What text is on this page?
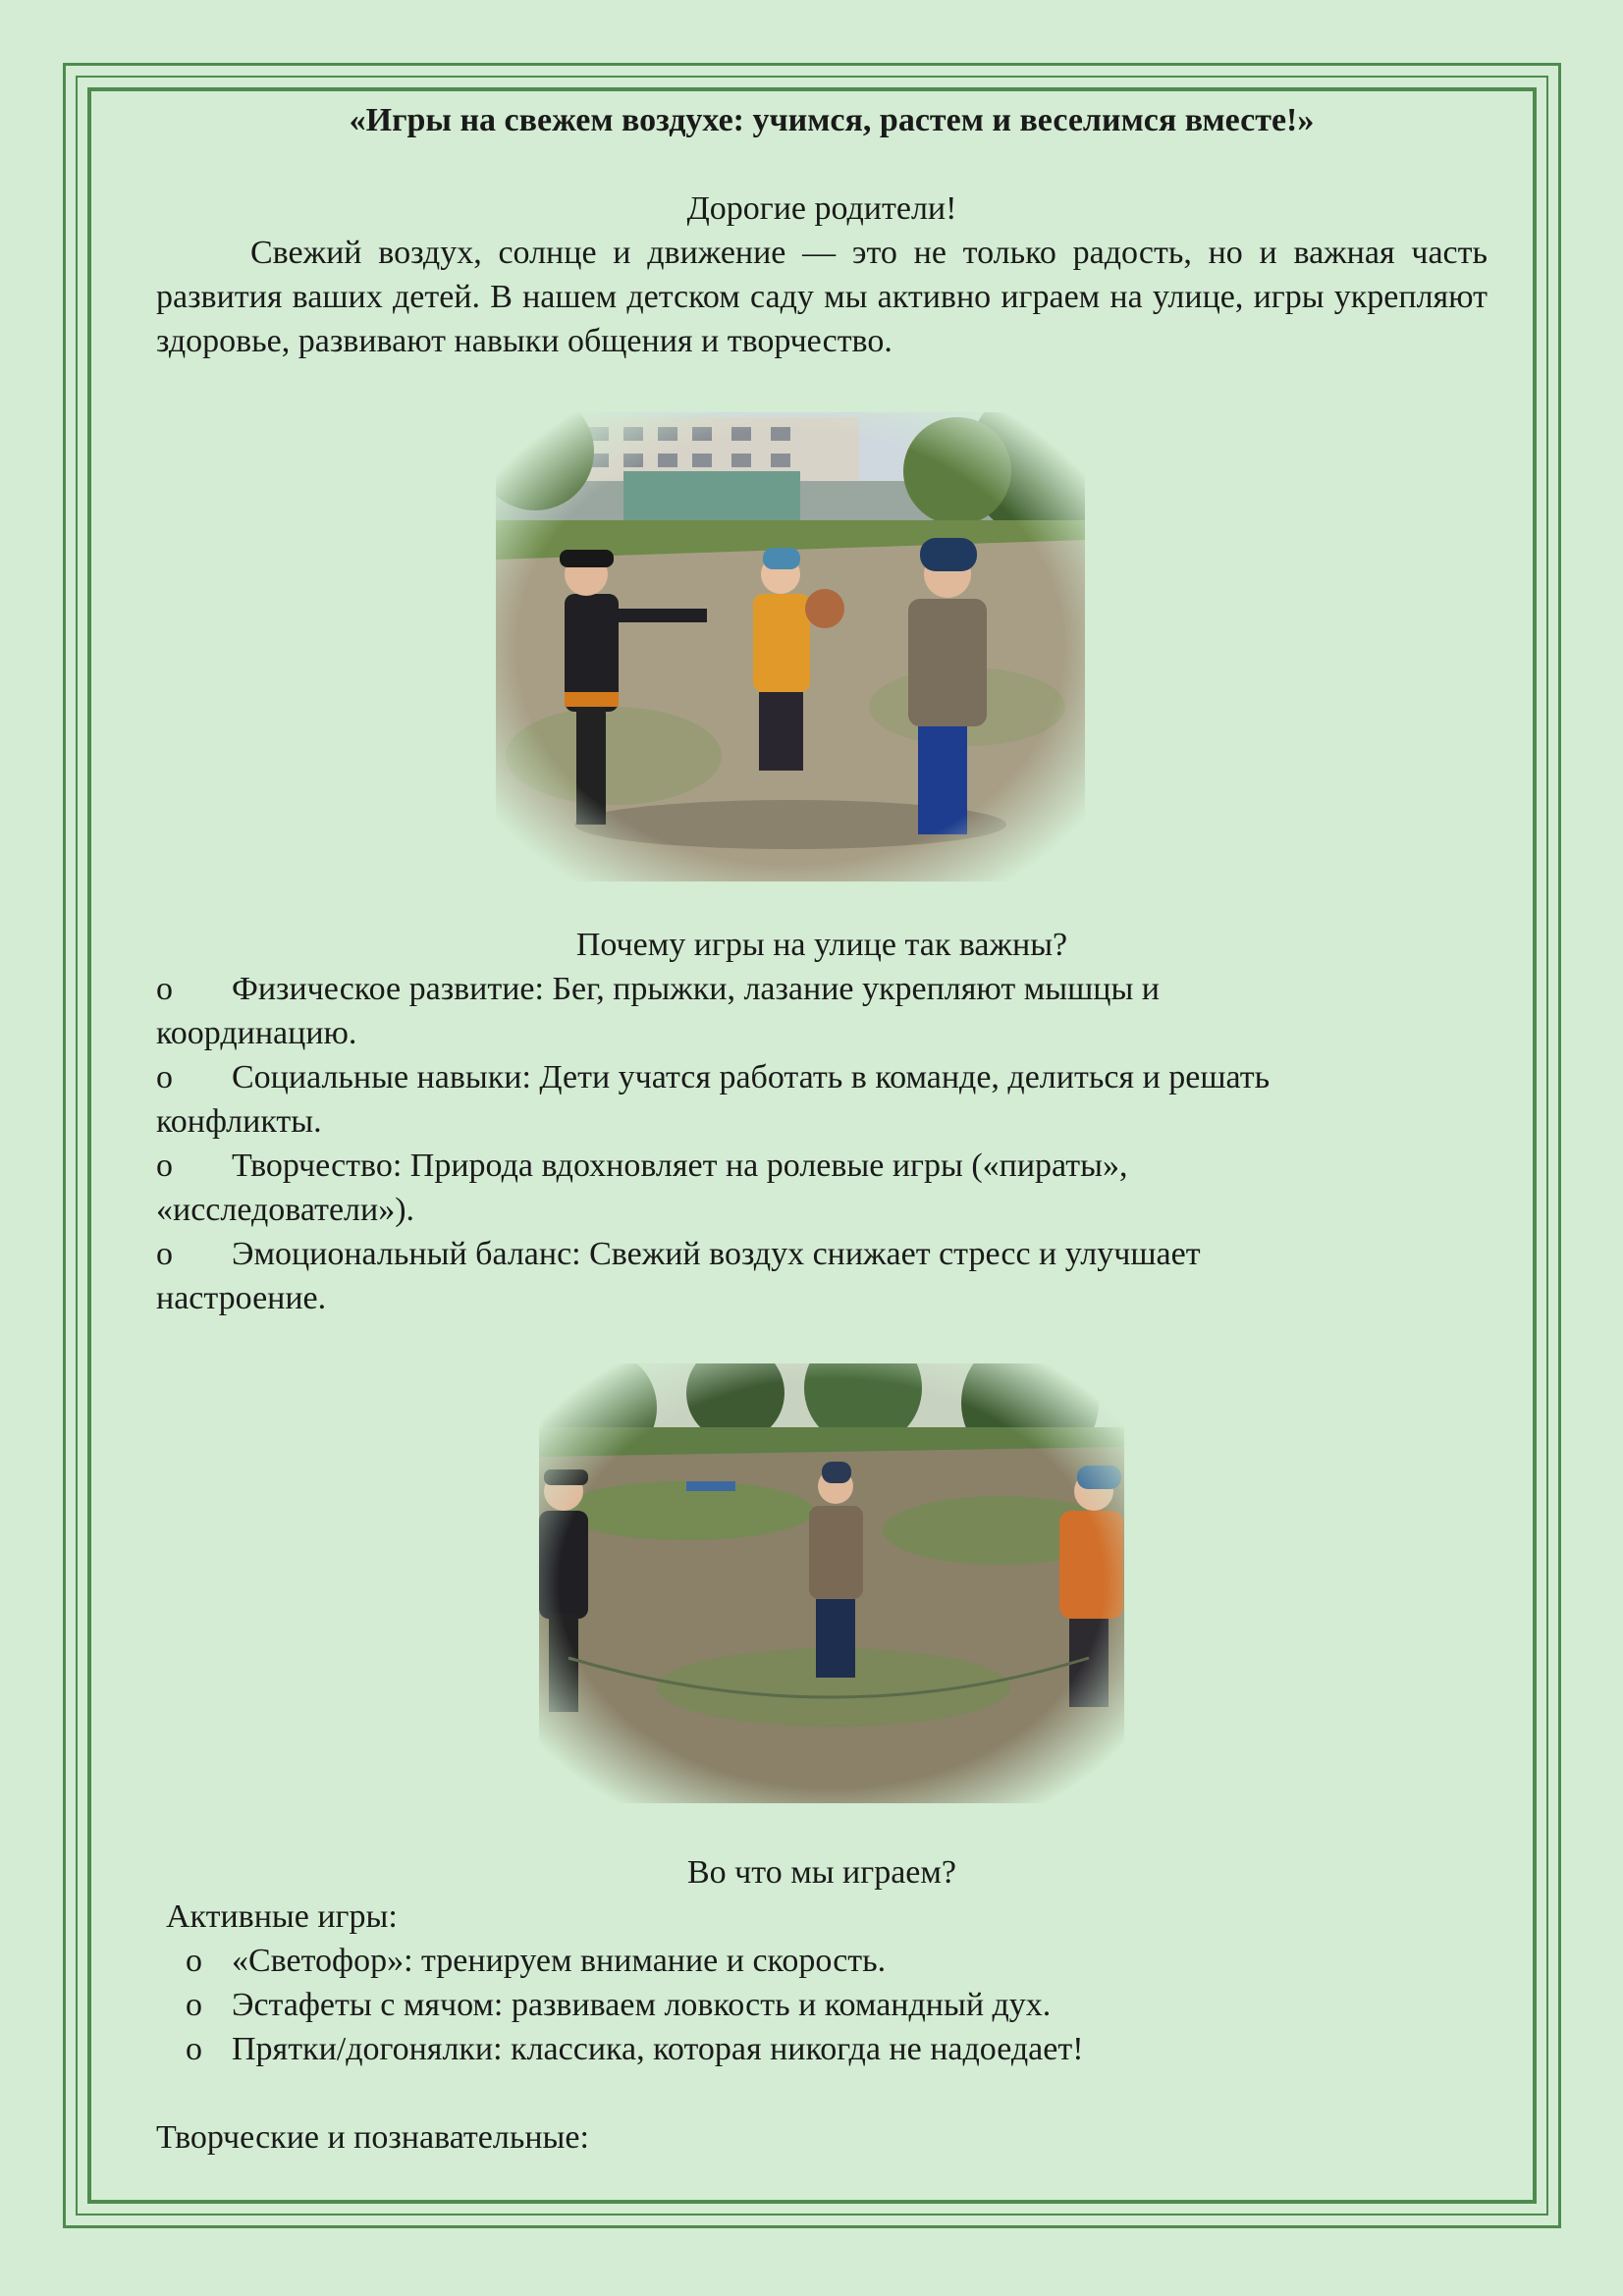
«Игры на свежем воздухе: учимся, растем и веселимся вместе!»

Дорогие родители!

Свежий воздух, солнце и движение — это не только радость, но и важная часть развития ваших детей. В нашем детском саду мы активно играем на улице, игры укрепляют здоровье, развивают навыки общения и творчество.

Почему игры на улице так важны?

o Физическое развитие: Бег, прыжки, лазание укрепляют мышцы и

координацию.

o Социальные навыки: Дети учатся работать в команде, делиться и решать

конфликты.

o Творчество: Природа вдохновляет на ролевые игры («пираты»,

«исследователи»).

o Эмоциональный баланс: Свежий воздух снижает стресс и улучшает

настроение.

Во что мы играем?

Активные игры:

o «Светофор»: тренируем внимание и скорость.

o Эстафеты с мячом: развиваем ловкость и командный дух.

o Прятки/догонялки: классика, которая никогда не надоедает!

Творческие и познавательные:
